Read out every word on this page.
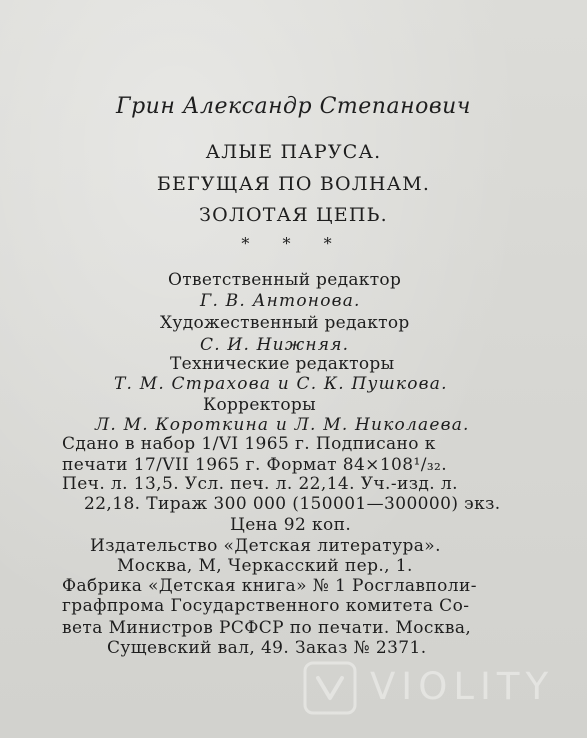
Грин Александр Степанович

АЛЫЕ ПАРУСА.

БЕГУЩАЯ ПО ВОЛНАМ.

ЗОЛОТАЯ ЦЕПЬ.

* * *

Ответственный редактор

Г. В. Антонова.

Художественный редактор

С. И. Нижняя.

Технические редакторы

Т. М. Страхова и С. К. Пушкова.

Корректоры

Л. М. Короткина и Л. М. Николаева.

Сдано в набор 1/VI 1965 г. Подписано к

печати 17/VII 1965 г. Формат 84×108¹/₃₂.

Печ. л. 13,5. Усл. печ. л. 22,14. Уч.-изд. л.

22,18. Тираж 300 000 (150001—300000) экз.

Цена 92 коп.

Издательство «Детская литература».

Москва, М, Черкасский пер., 1.

Фабрика «Детская книга» № 1 Росглавполи-

графпрома Государственного комитета Со-

вета Министров РСФСР по печати. Москва,

Сущевский вал, 49. Заказ № 2371.

VIOLITY
